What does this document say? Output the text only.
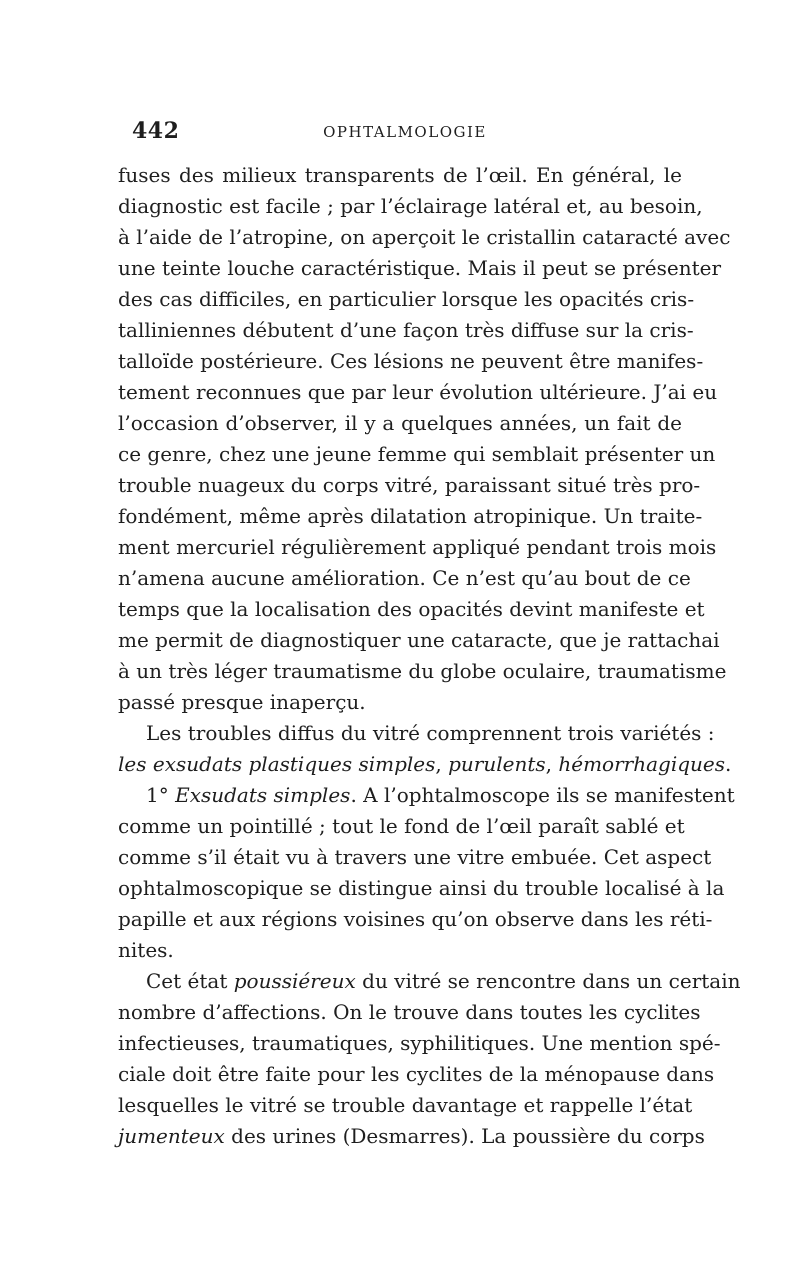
442	OPHTALMOLOGIE
fuses des milieux transparents de l’œil. En général, le
diagnostic est facile ; par l’éclairage latéral et, au besoin,
à l’aide de l’atropine, on aperçoit le cristallin cataracté avec
une teinte louche caractéristique. Mais il peut se présenter
des cas difficiles, en particulier lorsque les opacités cris-
talliniennes débutent d’une façon très diffuse sur la cris-
talloïde postérieure. Ces lésions ne peuvent être manifes-
tement reconnues que par leur évolution ultérieure. J’ai eu
l’occasion d’observer, il y a quelques années, un fait de
ce genre, chez une jeune femme qui semblait présenter un
trouble nuageux du corps vitré, paraissant situé très pro-
fondément, même après dilatation atropinique. Un traite-
ment mercuriel régulièrement appliqué pendant trois mois
n’amena aucune amélioration. Ce n’est qu’au bout de ce
temps que la localisation des opacités devint manifeste et
me permit de diagnostiquer une cataracte, que je rattachai
à un très léger traumatisme du globe oculaire, traumatisme
passé presque inaperçu.
Les troubles diffus du vitré comprennent trois variétés :
les exsudats plastiques simples, purulents, hémorrhagiques.
1° Exsudats simples. A l’ophtalmoscope ils se manifestent
comme un pointillé ; tout le fond de l’œil paraît sablé et
comme s’il était vu à travers une vitre embuée. Cet aspect
ophtalmoscopique se distingue ainsi du trouble localisé à la
papille et aux régions voisines qu’on observe dans les réti-
nites.
Cet état poussiéreux du vitré se rencontre dans un certain
nombre d’affections. On le trouve dans toutes les cyclites
infectieuses, traumatiques, syphilitiques. Une mention spé-
ciale doit être faite pour les cyclites de la ménopause dans
lesquelles le vitré se trouble davantage et rappelle l’état
jumenteux des urines (Desmarres). La poussière du corps
